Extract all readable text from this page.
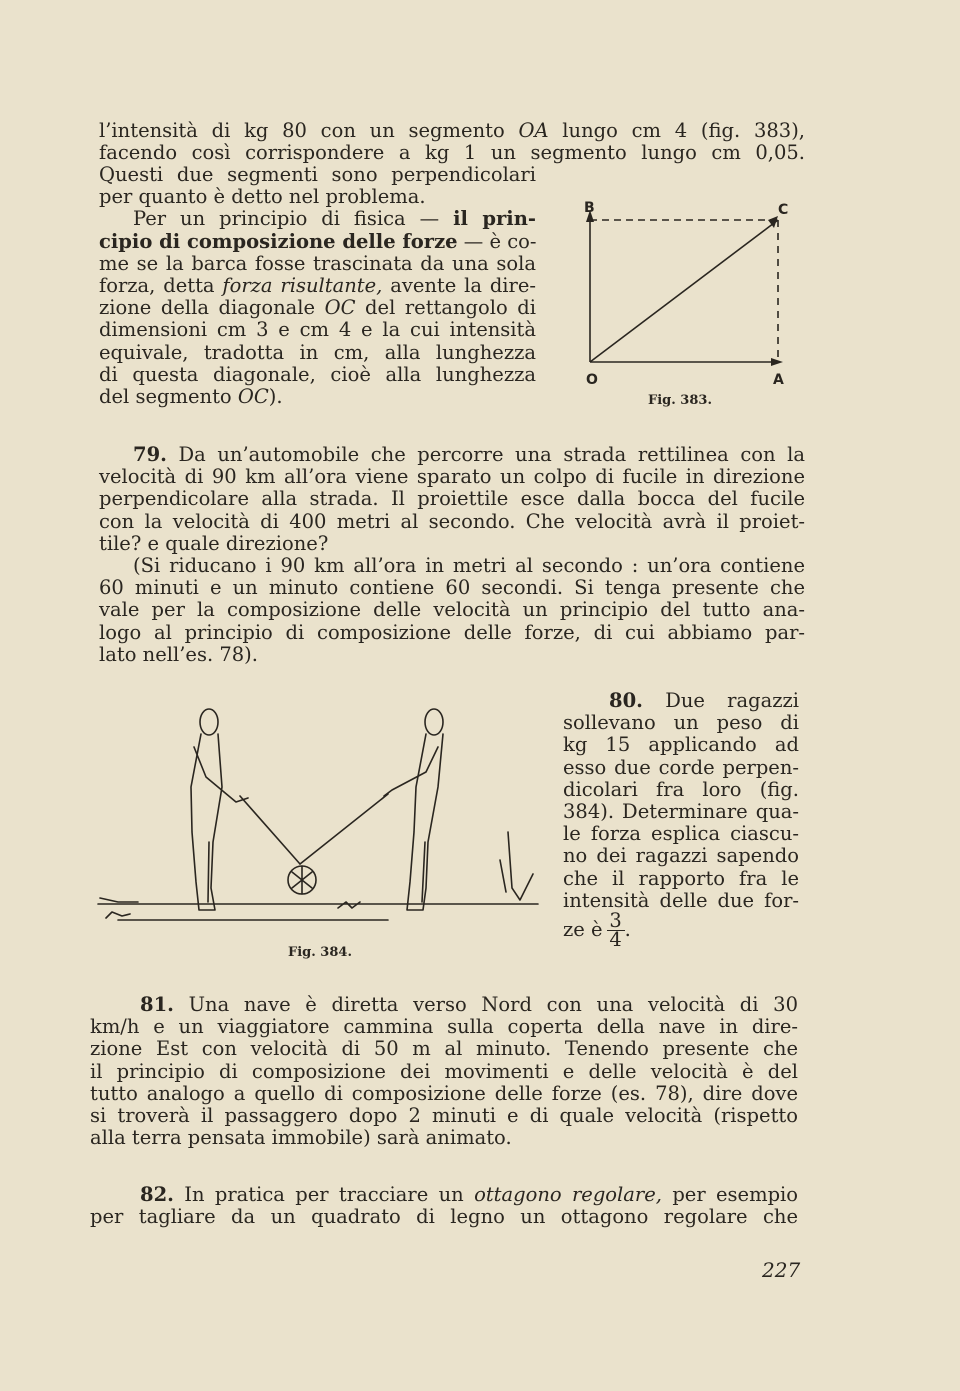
l’intensità di kg 80 con un segmento OA lungo cm 4 (fig. 383),
facendo così corrispondere a kg 1 un segmento lungo cm 0,05.
Questi due segmenti sono perpendicolari
per quanto è detto nel problema.
Per un principio di fisica — il prin-
cipio di composizione delle forze — è co-
me se la barca fosse trascinata da una sola
forza, detta forza risultante, avente la dire-
zione della diagonale OC del rettangolo di
dimensioni cm 3 e cm 4 e la cui intensità
equivale, tradotta in cm, alla lunghezza
di questa diagonale, cioè alla lunghezza
del segmento OC).
B	C
O	A
Fig. 383.
79. Da un’automobile che percorre una strada rettilinea con la
velocità di 90 km all’ora viene sparato un colpo di fucile in direzione
perpendicolare alla strada. Il proiettile esce dalla bocca del fucile
con la velocità di 400 metri al secondo. Che velocità avrà il proiet-
tile? e quale direzione?
(Si riducano i 90 km all’ora in metri al secondo : un’ora contiene
60 minuti e un minuto contiene 60 secondi. Si tenga presente che
vale per la composizione delle velocità un principio del tutto ana-
logo al principio di composizione delle forze, di cui abbiamo par-
lato nell’es. 78).
Fig. 384.
80. Due ragazzi
sollevano un peso di
kg 15 applicando ad
esso due corde perpen-
dicolari fra loro (fig.
384). Determinare qua-
le forza esplica ciascu-
no dei ragazzi sapendo
che il rapporto fra le
intensità delle due for-
ze è $\frac{3}{4}$ .
81. Una nave è diretta verso Nord con una velocità di 30
km/h e un viaggiatore cammina sulla coperta della nave in dire-
zione Est con velocità di 50 m al minuto. Tenendo presente che
il principio di composizione dei movimenti e delle velocità è del
tutto analogo a quello di composizione delle forze (es. 78), dire dove
si troverà il passaggero dopo 2 minuti e di quale velocità (rispetto
alla terra pensata immobile) sarà animato.
82. In pratica per tracciare un ottagono regolare, per esempio
per tagliare da un quadrato di legno un ottagono regolare che
227
